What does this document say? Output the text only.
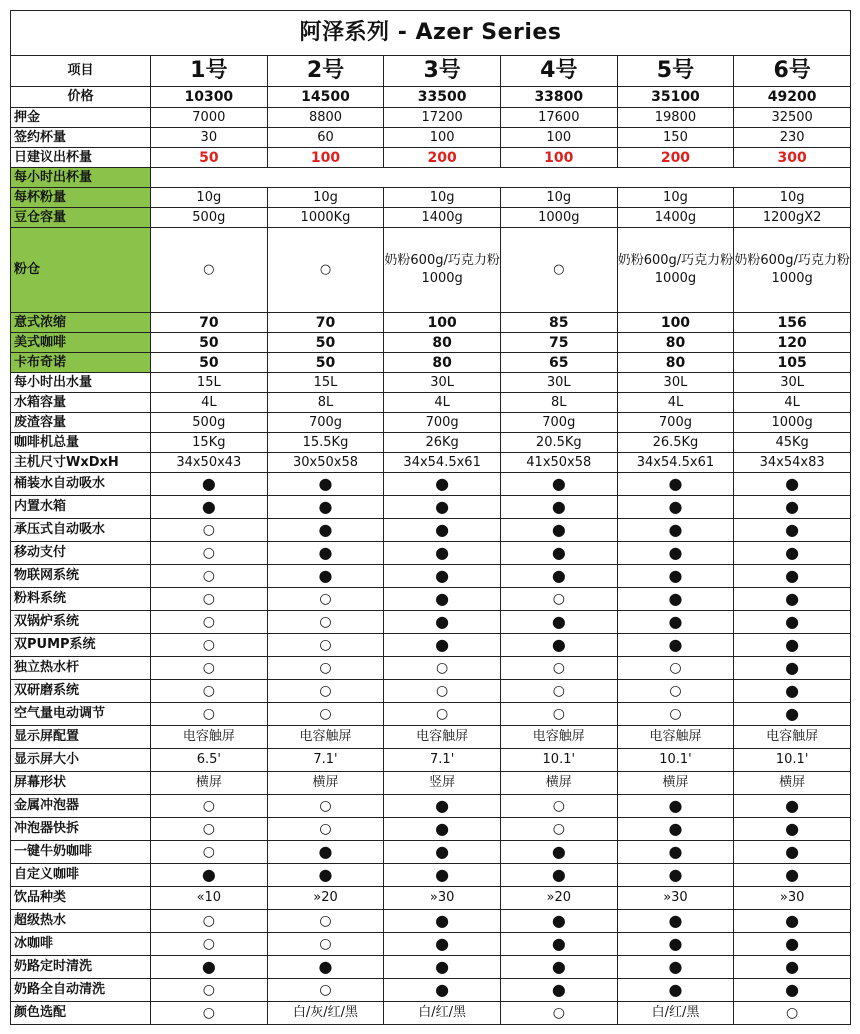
阿泽系列 - Azer Series						
项目	1号	2号	3号	4号	5号	6号
价格	10300	14500	33500	33800	35100	49200
押金	7000	8800	17200	17600	19800	32500
签约杯量	30	60	100	100	150	230
日建议出杯量	50	100	200	100	200	300
每小时出杯量						
每杯粉量	10g	10g	10g	10g	10g	10g
豆仓容量	500g	1000Kg	1400g	1000g	1400g	1200gX2
粉仓	○	○	奶粉600g/巧克力粉1000g	○	奶粉600g/巧克力粉1000g	奶粉600g/巧克力粉1000g
意式浓缩	70	70	100	85	100	156
美式咖啡	50	50	80	75	80	120
卡布奇诺	50	50	80	65	80	105
每小时出水量	15L	15L	30L	30L	30L	30L
水箱容量	4L	8L	4L	8L	4L	4L
废渣容量	500g	700g	700g	700g	700g	1000g
咖啡机总量	15Kg	15.5Kg	26Kg	20.5Kg	26.5Kg	45Kg
主机尺寸WxDxH	34x50x43	30x50x58	34x54.5x61	41x50x58	34x54.5x61	34x54x83
桶装水自动吸水	●	●	●	●	●	●
内置水箱	●	●	●	●	●	●
承压式自动吸水	○	●	●	●	●	●
移动支付	○	●	●	●	●	●
物联网系统	○	●	●	●	●	●
粉料系统	○	○	●	○	●	●
双锅炉系统	○	○	●	●	●	●
双PUMP系统	○	○	●	●	●	●
独立热水杆	○	○	○	○	○	●
双研磨系统	○	○	○	○	○	●
空气量电动调节	○	○	○	○	○	●
显示屏配置	电容触屏	电容触屏	电容触屏	电容触屏	电容触屏	电容触屏
显示屏大小	6.5'	7.1'	7.1'	10.1'	10.1'	10.1'
屏幕形状	横屏	横屏	竖屏	横屏	横屏	横屏
金属冲泡器	○	○	●	○	●	●
冲泡器快拆	○	○	●	○	●	●
一键牛奶咖啡	○	●	●	●	●	●
自定义咖啡	●	●	●	●	●	●
饮品种类	«10	»20	»30	»20	»30	»30
超级热水	○	○	●	●	●	●
冰咖啡	○	○	●	●	●	●
奶路定时清洗	●	●	●	●	●	●
奶路全自动清洗	○	○	●	●	●	●
颜色选配	○	白/灰/红/黑	白/红/黑	○	白/红/黑	○
